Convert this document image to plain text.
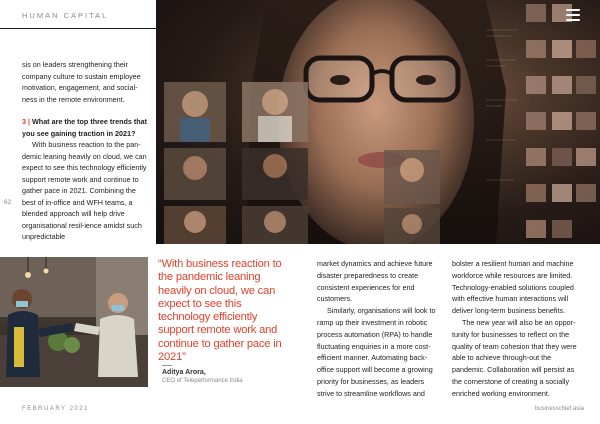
HUMAN CAPITAL

sis on leaders strengthening their company culture to sustain employee motivation, engagement, and social-ness in the remote environment.

3 | What are the top three trends that you see gaining traction in 2021?

With business reaction to the pan-demic leaning heavily on cloud, we can expect to see this technology efficiently support remote work and continue to gather pace in 2021. Combining the best of in-office and WFH teams, a blended approach will help drive organisational resil-ience amidst such unpredictable

62
“With business reaction to the pandemic leaning heavily on cloud, we can expect to see this technology efficiently support remote work and continue to gather pace in 2021”
Aditya Arora,
CEO of Teleperformance India

market dynamics and achieve future disaster preparedness to create consistent experiences for end customers.

Similarly, organisations will look to ramp up their investment in robotic process automation (RPA) to handle fluctuating enquiries in a more cost-efficient manner. Automating back-office support will become a growing priority for businesses, as leaders strive to streamline workflows and

bolster a resilient human and machine workforce while resources are limited. Technology-enabled solutions coupled with effective human interactions will deliver long-term business benefits.

The new year will also be an oppor-tunity for businesses to reflect on the quality of team cohesion that they were able to achieve through-out the pandemic. Collaboration will persist as the cornerstone of creating a socially enriched working environment.

FEBRUARY 2021	businesschief.asia
